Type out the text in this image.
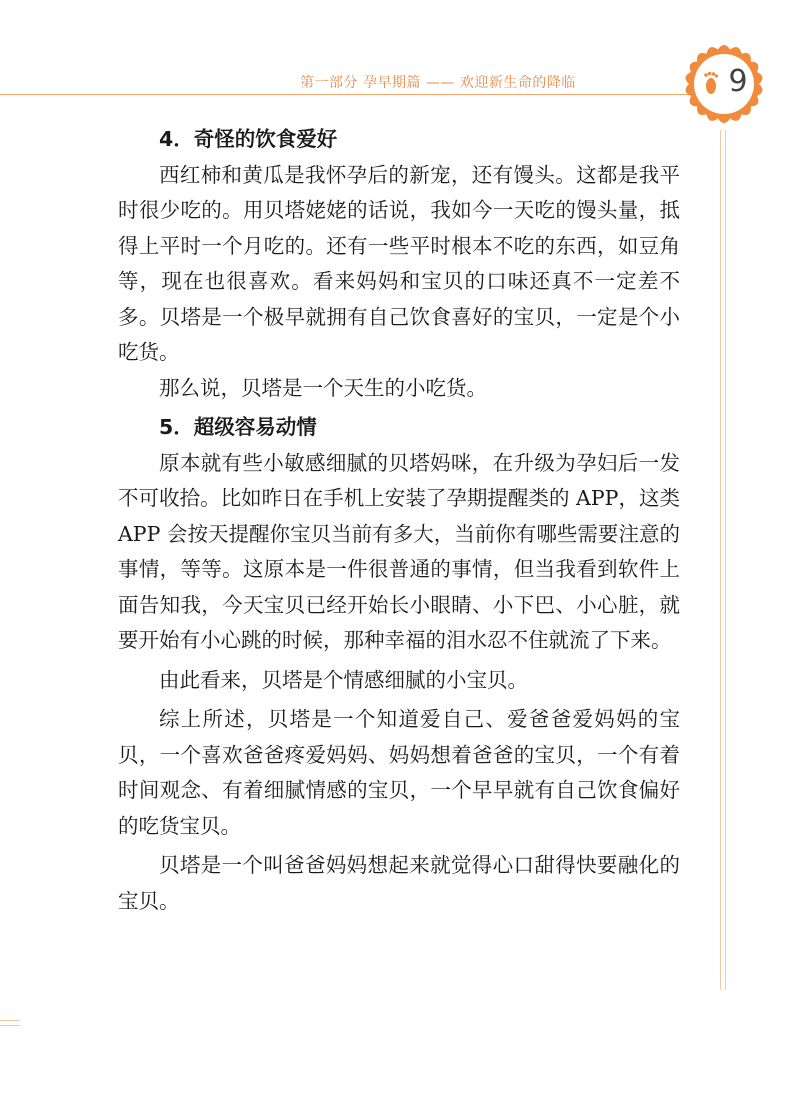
第一部分 孕早期篇 —— 欢迎新生命的降临	9
4．奇怪的饮食爱好

西红柿和黄瓜是我怀孕后的新宠，还有馒头。这都是我平时很少吃的。用贝塔姥姥的话说，我如今一天吃的馒头量，抵得上平时一个月吃的。还有一些平时根本不吃的东西，如豆角等，现在也很喜欢。看来妈妈和宝贝的口味还真不一定差不多。贝塔是一个极早就拥有自己饮食喜好的宝贝，一定是个小吃货。

那么说，贝塔是一个天生的小吃货。

5．超级容易动情

原本就有些小敏感细腻的贝塔妈咪，在升级为孕妇后一发不可收拾。比如昨日在手机上安装了孕期提醒类的 APP，这类 APP 会按天提醒你宝贝当前有多大，当前你有哪些需要注意的事情，等等。这原本是一件很普通的事情，但当我看到软件上面告知我，今天宝贝已经开始长小眼睛、小下巴、小心脏，就要开始有小心跳的时候，那种幸福的泪水忍不住就流了下来。

由此看来，贝塔是个情感细腻的小宝贝。

综上所述，贝塔是一个知道爱自己、爱爸爸爱妈妈的宝贝，一个喜欢爸爸疼爱妈妈、妈妈想着爸爸的宝贝，一个有着时间观念、有着细腻情感的宝贝，一个早早就有自己饮食偏好的吃货宝贝。

贝塔是一个叫爸爸妈妈想起来就觉得心口甜得快要融化的宝贝。
